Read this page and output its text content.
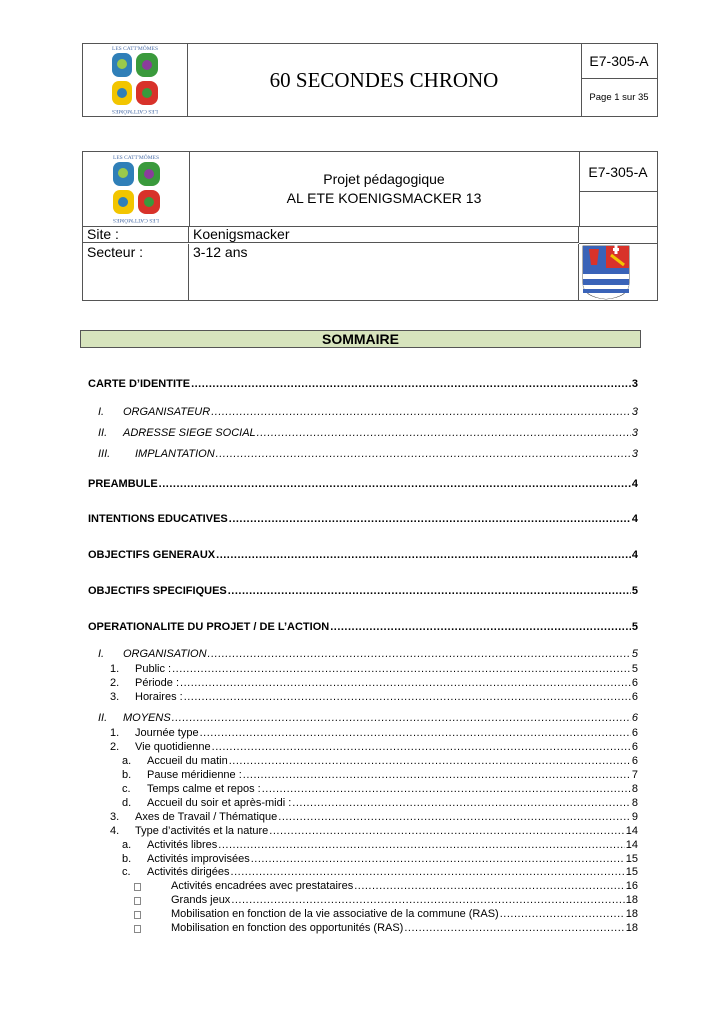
LES CATT'MÔMES
LES CATT'MÔMES
60 SECONDES CHRONO
E7-305-A
Page 1 sur 35
LES CATT'MÔMES
LES CATT'MÔMES
Projet pédagogique
AL ETE KOENIGSMACKER 13
E7-305-A
Site :	Koenigsmacker
Secteur :	3-12 ans
SOMMAIRE
CARTE D’IDENTITE .....	3
I. ORGANISATEUR .....	3
II. ADRESSE SIEGE SOCIAL .....	3
III. IMPLANTATION .....	3
PREAMBULE .....	4
INTENTIONS EDUCATIVES .....	4
OBJECTIFS GENERAUX .....	4
OBJECTIFS SPECIFIQUES .....	5
OPERATIONALITE DU PROJET / DE L’ACTION .....	5
I. ORGANISATION .....	5
1. Public : .....	5
2. Période : .....	6
3. Horaires : .....	6
II. MOYENS .....	6
1. Journée type .....	6
2. Vie quotidienne .....	6
a. Accueil du matin .....	6
b. Pause méridienne : .....	7
c. Temps calme et repos : .....	8
d. Accueil du soir et après-midi : .....	8
3. Axes de Travail / Thématique .....	9
4. Type d’activités et la nature .....	14
a. Activités libres .....	14
b. Activités improvisées .....	15
c. Activités dirigées .....	15
Activités encadrées avec prestataires .....	16
Grands jeux .....	18
Mobilisation en fonction de la vie associative de la commune (RAS) .....	18
Mobilisation en fonction des opportunités (RAS) .....	18
